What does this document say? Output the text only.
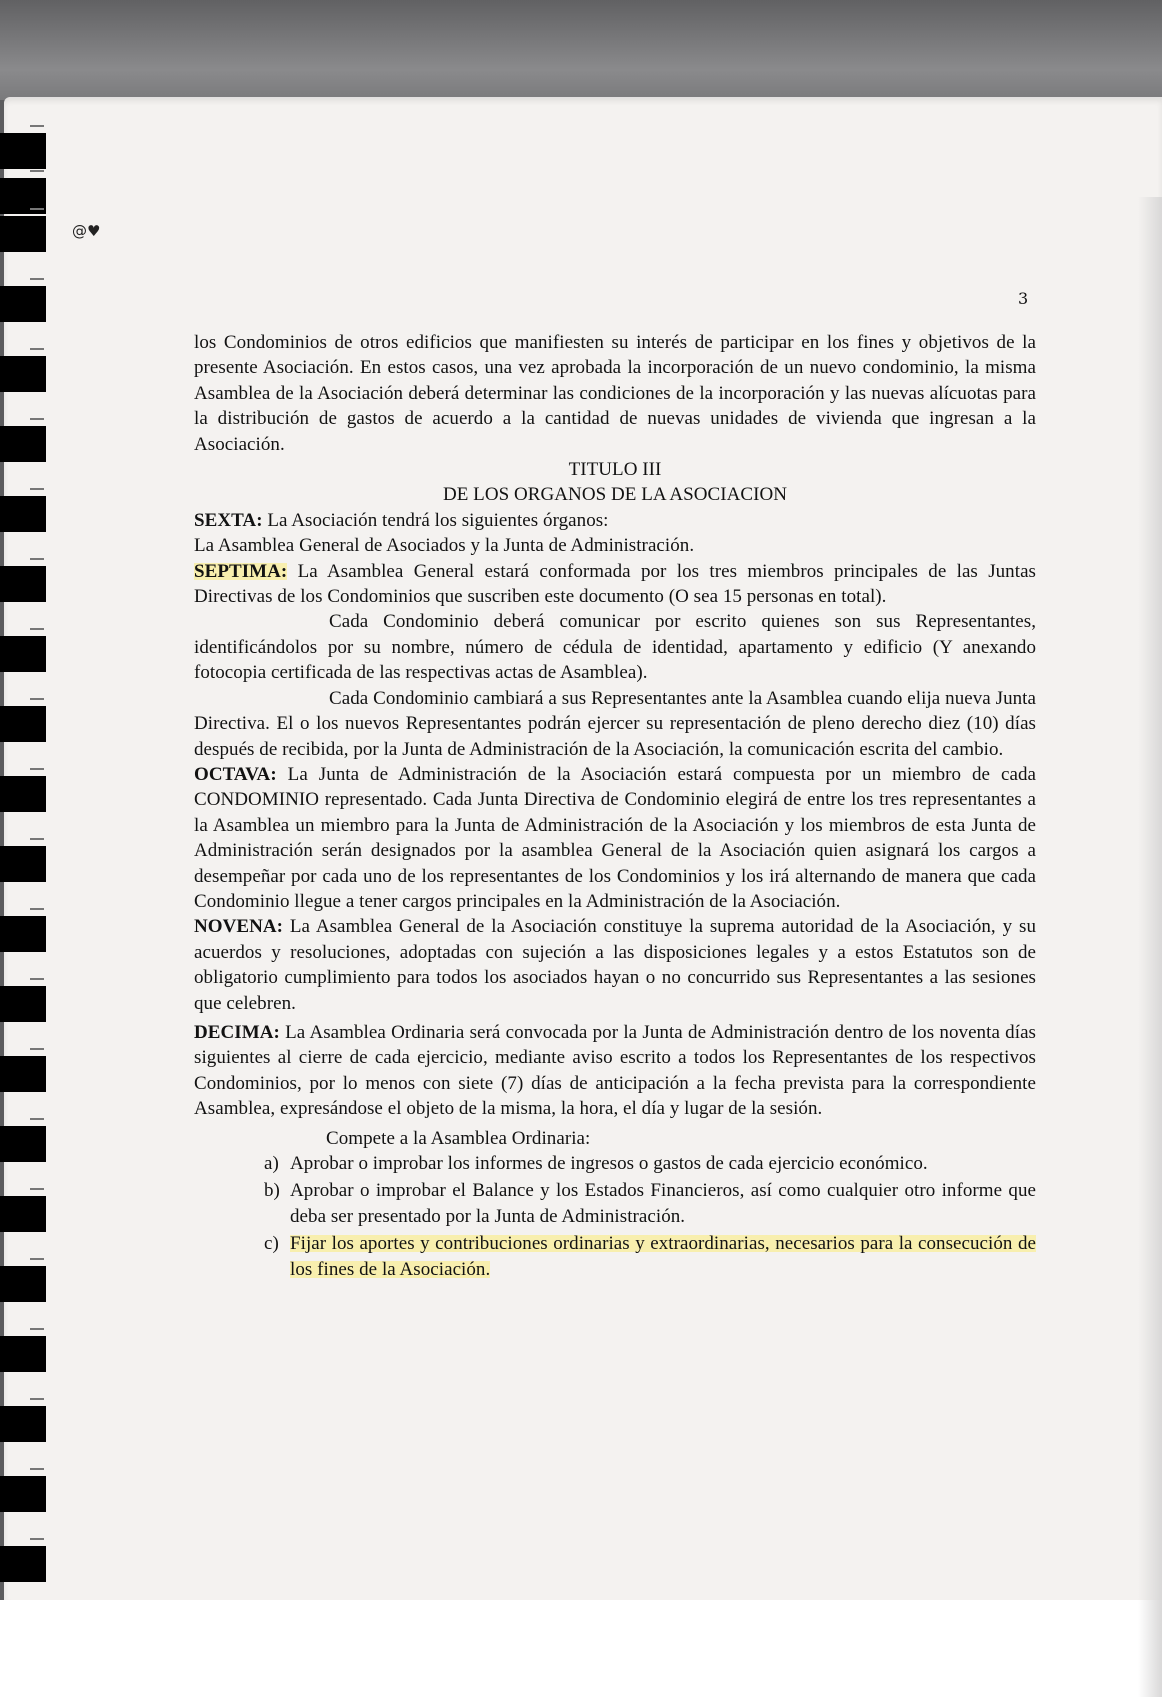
@♥
3

los Condominios de otros edificios que manifiesten su interés de participar en los fines y objetivos de la presente Asociación. En estos casos, una vez aprobada la incorporación de un nuevo condominio, la misma Asamblea de la Asociación deberá determinar las condiciones de la incorporación y las nuevas alícuotas para la distribución de gastos de acuerdo a la cantidad de nuevas unidades de vivienda que ingresan a la Asociación.

TITULO III

DE LOS ORGANOS DE LA ASOCIACION

SEXTA: La Asociación tendrá los siguientes órganos:

La Asamblea General de Asociados y la Junta de Administración.

SEPTIMA: La Asamblea General estará conformada por los tres miembros principales de las Juntas Directivas de los Condominios que suscriben este documento (O sea 15 personas en total).

Cada Condominio deberá comunicar por escrito quienes son sus Representantes, identificándolos por su nombre, número de cédula de identidad, apartamento y edificio (Y anexando fotocopia certificada de las respectivas actas de Asamblea).

Cada Condominio cambiará a sus Representantes ante la Asamblea cuando elija nueva Junta Directiva. El o los nuevos Representantes podrán ejercer su representación de pleno derecho diez (10) días después de recibida, por la Junta de Administración de la Asociación, la comunicación escrita del cambio.

OCTAVA: La Junta de Administración de la Asociación estará compuesta por un miembro de cada CONDOMINIO representado. Cada Junta Directiva de Condominio elegirá de entre los tres representantes a la Asamblea un miembro para la Junta de Administración de la Asociación y los miembros de esta Junta de Administración serán designados por la asamblea General de la Asociación quien asignará los cargos a desempeñar por cada uno de los representantes de los Condominios y los irá alternando de manera que cada Condominio llegue a tener cargos principales en la Administración de la Asociación.

NOVENA: La Asamblea General de la Asociación constituye la suprema autoridad de la Asociación, y su acuerdos y resoluciones, adoptadas con sujeción a las disposiciones legales y a estos Estatutos son de obligatorio cumplimiento para todos los asociados hayan o no concurrido sus Representantes a las sesiones que celebren.

DECIMA: La Asamblea Ordinaria será convocada por la Junta de Administración dentro de los noventa días siguientes al cierre de cada ejercicio, mediante aviso escrito a todos los Representantes de los respectivos Condominios, por lo menos con siete (7) días de anticipación a la fecha prevista para la correspondiente Asamblea, expresándose el objeto de la misma, la hora, el día y lugar de la sesión.

Compete a la Asamblea Ordinaria:

a) Aprobar o improbar los informes de ingresos o gastos de cada ejercicio económico.

b) Aprobar o improbar el Balance y los Estados Financieros, así como cualquier otro informe que deba ser presentado por la Junta de Administración.

c) Fijar los aportes y contribuciones ordinarias y extraordinarias, necesarios para la consecución de los fines de la Asociación.
